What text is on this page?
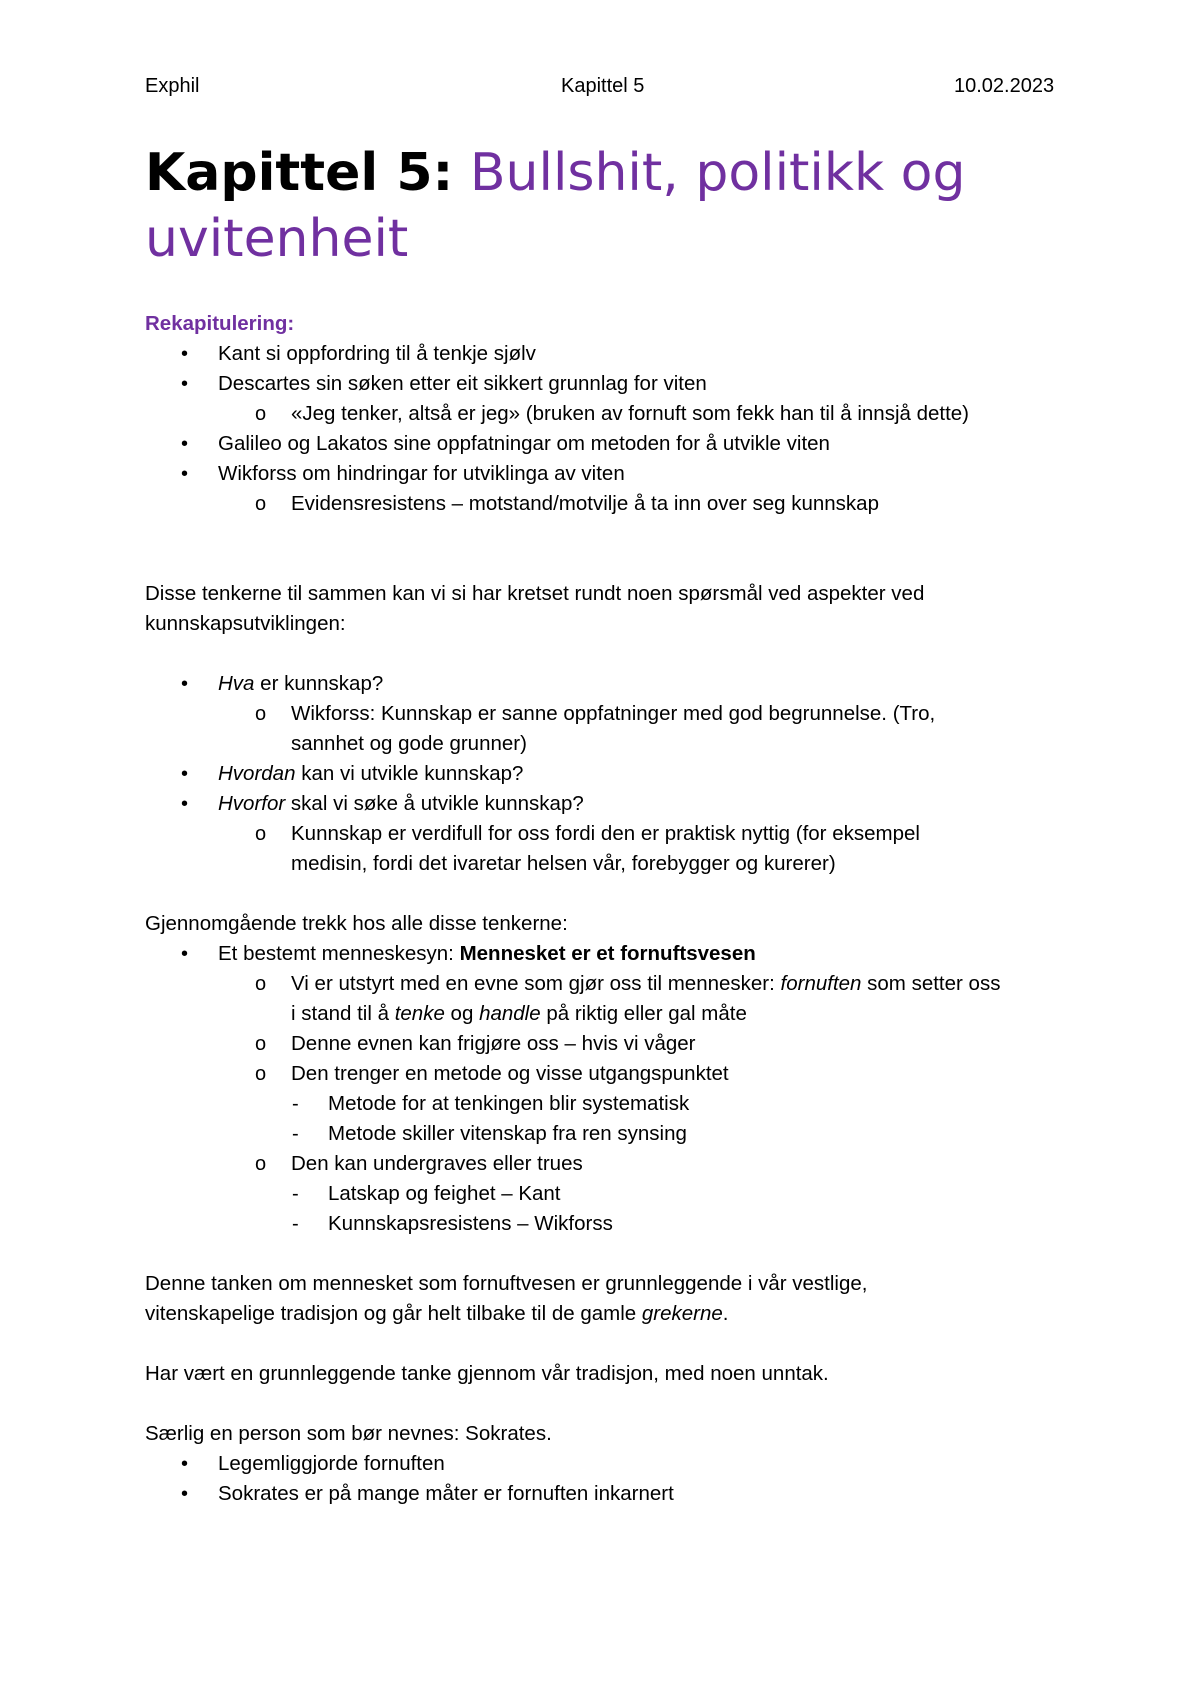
Exphil	Kapittel 5	10.02.2023
Kapittel 5: Bullshit, politikk og uvitenheit
Rekapitulering:
• Kant si oppfordring til å tenkje sjølv
• Descartes sin søken etter eit sikkert grunnlag for viten
o «Jeg tenker, altså er jeg» (bruken av fornuft som fekk han til å innsjå dette)
• Galileo og Lakatos sine oppfatningar om metoden for å utvikle viten
• Wikforss om hindringar for utviklinga av viten
o Evidensresistens – motstand/motvilje å ta inn over seg kunnskap
Disse tenkerne til sammen kan vi si har kretset rundt noen spørsmål ved aspekter ved
kunnskapsutviklingen:
• Hva er kunnskap?
o Wikforss: Kunnskap er sanne oppfatninger med god begrunnelse. (Tro,
sannhet og gode grunner)
• Hvordan kan vi utvikle kunnskap?
• Hvorfor skal vi søke å utvikle kunnskap?
o Kunnskap er verdifull for oss fordi den er praktisk nyttig (for eksempel
medisin, fordi det ivaretar helsen vår, forebygger og kurerer)
Gjennomgående trekk hos alle disse tenkerne:
• Et bestemt menneskesyn: Mennesket er et fornuftsvesen
o Vi er utstyrt med en evne som gjør oss til mennesker: fornuften som setter oss
i stand til å tenke og handle på riktig eller gal måte
o Denne evnen kan frigjøre oss – hvis vi våger
o Den trenger en metode og visse utgangspunktet
- Metode for at tenkingen blir systematisk
- Metode skiller vitenskap fra ren synsing
o Den kan undergraves eller trues
- Latskap og feighet – Kant
- Kunnskapsresistens – Wikforss
Denne tanken om mennesket som fornuftvesen er grunnleggende i vår vestlige,
vitenskapelige tradisjon og går helt tilbake til de gamle grekerne.
Har vært en grunnleggende tanke gjennom vår tradisjon, med noen unntak.
Særlig en person som bør nevnes: Sokrates.
• Legemliggjorde fornuften
• Sokrates er på mange måter er fornuften inkarnert
